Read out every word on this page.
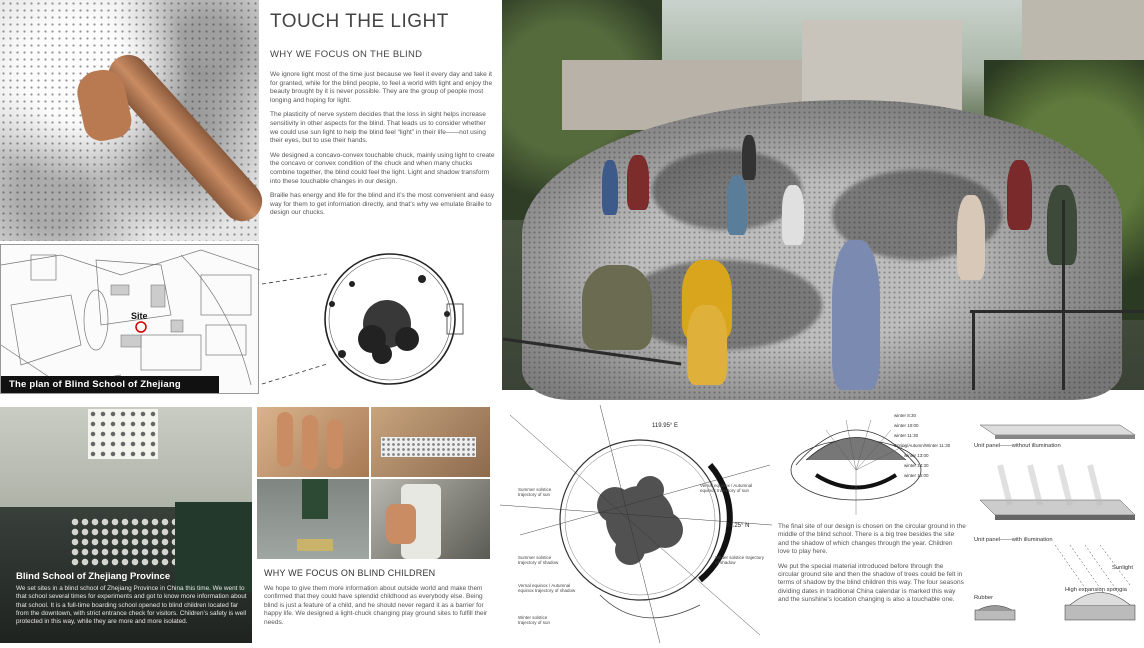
TOUCH THE LIGHT
WHY WE FOCUS ON THE BLIND

We ignore light most of the time just because we feel it every day and take it for granted, while for the blind people, to feel a world with light and enjoy the beauty brought by it is never possible. They are the group of people most longing and hoping for light.

The plasticity of nerve system decides that the loss in sight helps increase sensitivity in other aspects for the blind. That leads us to consider whether we could use sun light to help the blind feel “light” in their life——not using their eyes, but to use their hands.

We designed a concavo-convex touchable chuck, mainly using light to create the concavo or convex condition of the chuck and when many chucks combine together, the blind could feel the light. Light and shadow transform into these touchable changes in our design.

Braille has energy and life for the blind and it’s the most convenient and easy way for them to get information directly, and that’s why we emulate Braille to design our chucks.

Site
The plan of Blind School of Zhejiang Province
Blind School of Zhejiang Province
We set sites in a blind school of Zhejiang Province in China this time. We went to that school several times for experiments and got to know more information about that school. It is a full-time boarding school opened to blind children located far from the downtown, with strict entrance check for visitors. Children’s safety is well protected in this way, while they are more and more isolated.
WHY WE FOCUS ON BLIND CHILDREN
We hope to give them more information about outside world and make them confirmed that they could have splendid childhood as everybody else. Being blind is just a feature of a child, and he should never regard it as a barrier for happy life. We designed a light-chuck changing play ground sites to fulfill their needs.
119.95° E
30.25° N
Summer solstice trajectory of sun
Vernal equinox / Autumnal equinox trajectory of sun
Winter solstice trajectory of sun
Summer solstice trajectory of shadow
Vernal equinox / Autumnal equinox trajectory of shadow
Winter solstice trajectory of shadow
winter 8:30
winter 10:00
winter 11:30
Spring/Autumn/Winter 11:30
winter 13:00
winter 14:30
winter 16:00

The final site of our design is chosen on the circular ground in the middle of the blind school. There is a big tree besides the site and the shadow of which changes through the year. Children love to play here.

We put the special material introduced before through the circular ground site and then the shadow of trees could be felt in terms of shadow by the blind children this way. The four seasons dividing dates in traditional China calendar is marked this way and the sunshine's location changing is also a touchable one.

Unit panel——without illumination
Unit panel——with illumination
Sunlight
High expansion spongia
Rubber
